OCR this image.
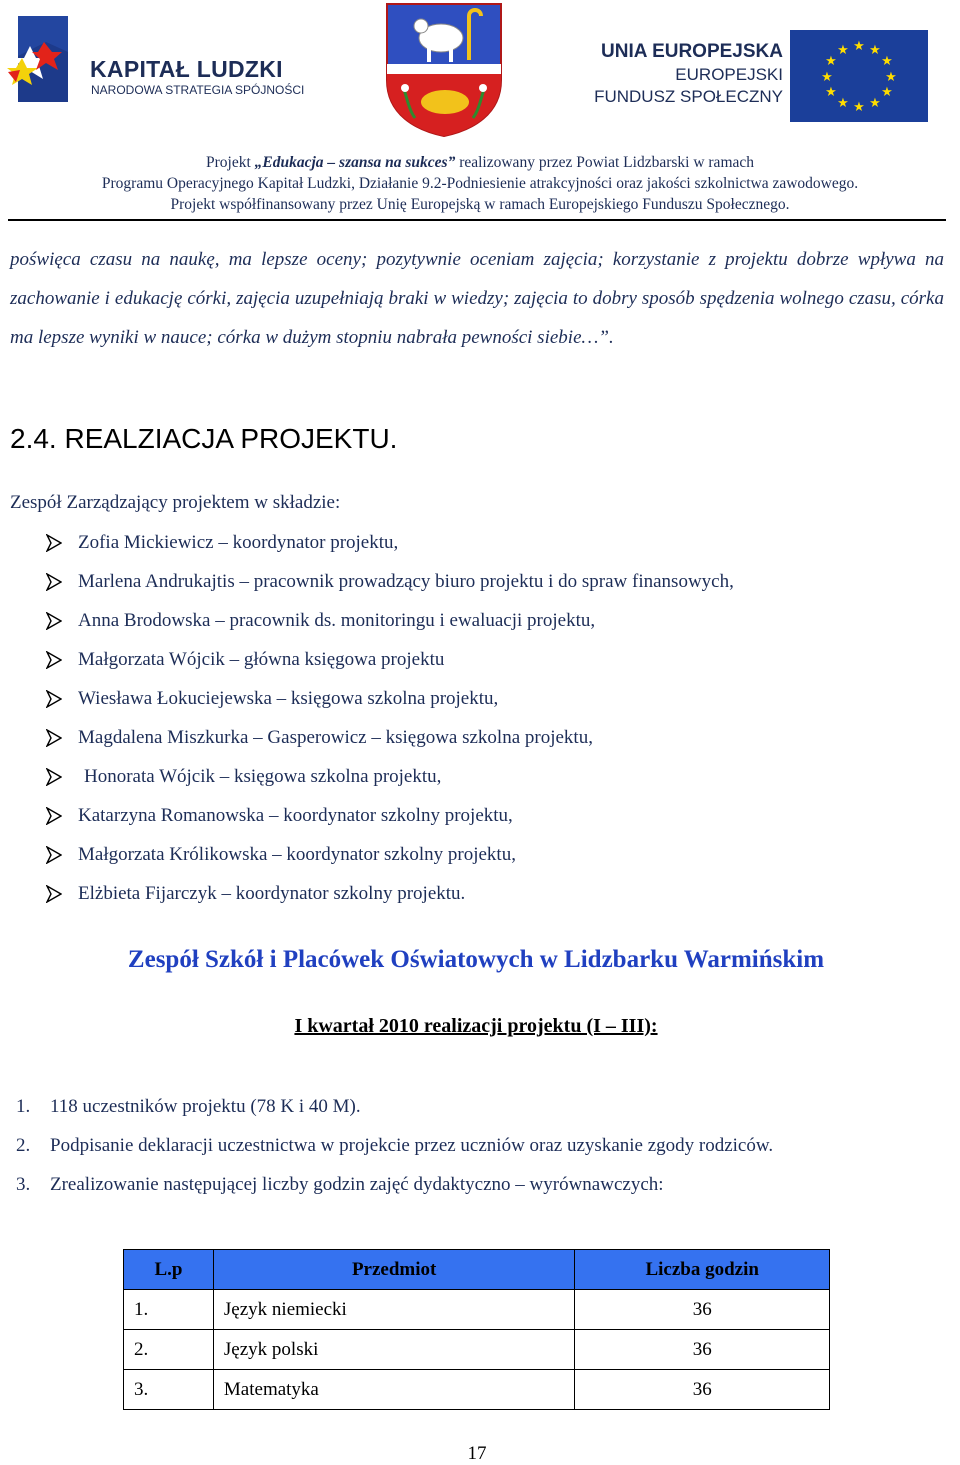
KAPITAŁ LUDZKI
NARODOWA STRATEGIA SPÓJNOŚCI
UNIA EUROPEJSKA
EUROPEJSKI
FUNDUSZ SPOŁECZNY
★ ★
★
★
★
★
★
★
★
★
★
★
Projekt „Edukacja – szansa na sukces” realizowany przez Powiat Lidzbarski w ramach
Programu Operacyjnego Kapitał Ludzki, Działanie 9.2-Podniesienie atrakcyjności oraz jakości szkolnictwa zawodowego.
Projekt współfinansowany przez Unię Europejską w ramach Europejskiego Funduszu Społecznego.

poświęca czasu na naukę, ma lepsze oceny; pozytywnie oceniam zajęcia; korzystanie z projektu dobrze wpływa na zachowanie i edukację córki, zajęcia uzupełniają braki w wiedzy; zajęcia to dobry sposób spędzenia wolnego czasu, córka ma lepsze wyniki w nauce; córka w dużym stopniu nabrała pewności siebie…”.

2.4. REALZIACJA PROJEKTU.

Zespół Zarządzający projektem w składzie:

Zofia Mickiewicz – koordynator projektu,
Marlena Andrukajtis – pracownik prowadzący biuro projektu i do spraw finansowych,
Anna Brodowska – pracownik ds. monitoringu i ewaluacji projektu,
Małgorzata Wójcik – główna księgowa projektu
Wiesława Łokuciejewska – księgowa szkolna projektu,
Magdalena Miszkurka – Gasperowicz – księgowa szkolna projektu,
Honorata Wójcik – księgowa szkolna projektu,
Katarzyna Romanowska – koordynator szkolny projektu,
Małgorzata Królikowska – koordynator szkolny projektu,
Elżbieta Fijarczyk – koordynator szkolny projektu.
Zespół Szkół i Placówek Oświatowych w Lidzbarku Warmińskim

I kwartał 2010 realizacji projektu (I – III):

1.	118 uczestników projektu (78 K i 40 M).
2.	Podpisanie deklaracji uczestnictwa w projekcie przez uczniów oraz uzyskanie zgody rodziców.
3.	Zrealizowanie następującej liczby godzin zajęć dydaktyczno – wyrównawczych:
L.p	Przedmiot	Liczba godzin
1.	Język niemiecki	36
2.	Język polski	36
3.	Matematyka	36
17
